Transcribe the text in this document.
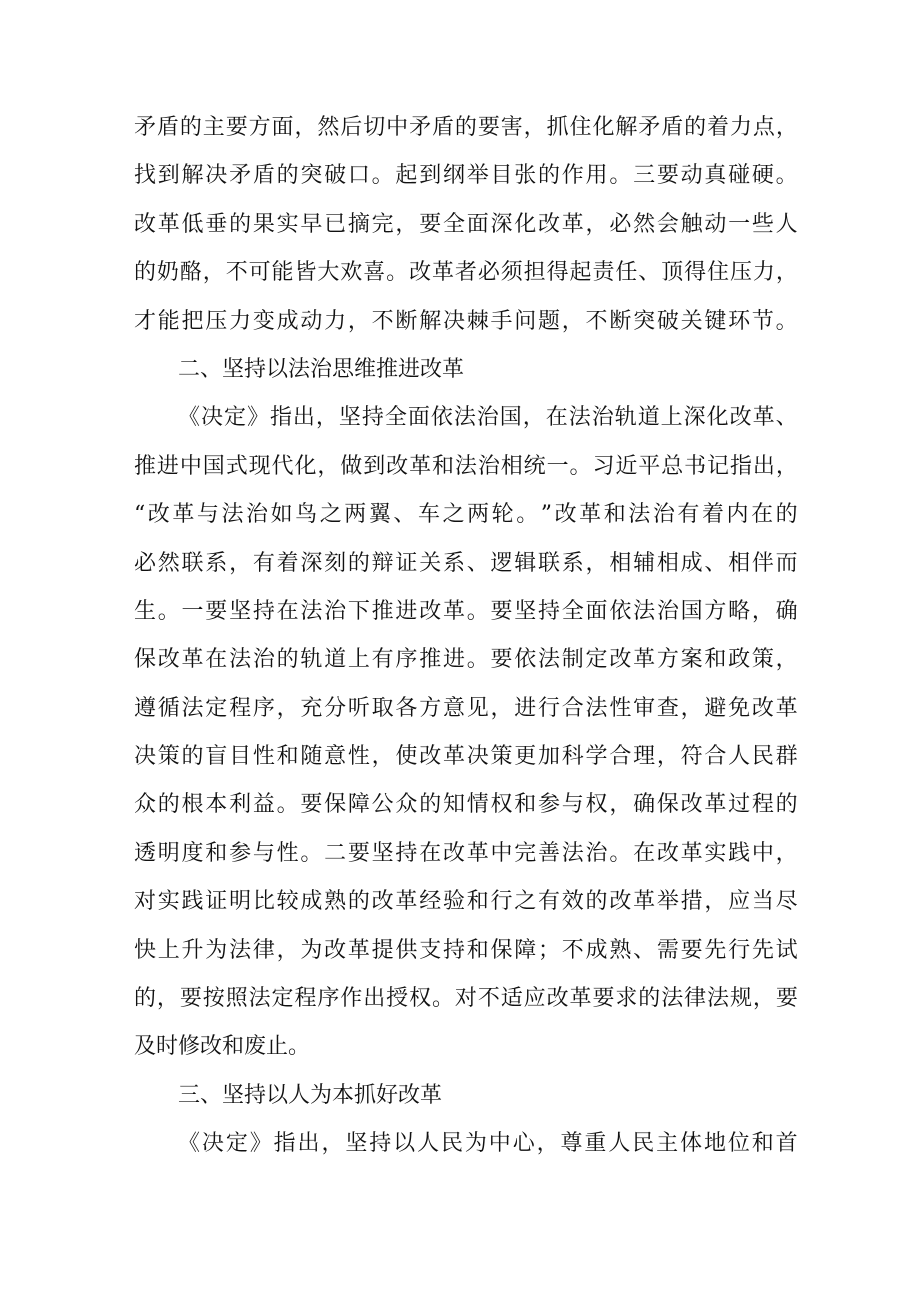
矛 盾 的 主 要 方 面 ， 然 后 切 中 矛 盾 的 要 害 ， 抓 住 化 解 矛 盾 的 着 力 点 ，
找 到 解 决 矛 盾 的 突 破 口 。 起 到 纲 举 目 张 的 作 用 。 三 要 动 真 碰 硬 。
改 革 低 垂 的 果 实 早 已 摘 完 ， 要 全 面 深 化 改 革 ， 必 然 会 触 动 一 些 人
的 奶 酪 ， 不 可 能 皆 大 欢 喜 。 改 革 者 必 须 担 得 起 责 任 、 顶 得 住 压 力 ，
才 能 把 压 力 变 成 动 力 ， 不 断 解 决 棘 手 问 题 ， 不 断 突 破 关 键 环 节 。
二、坚持以法治思维推进改革
《 决 定 》 指 出 ， 坚 持 全 面 依 法 治 国 ， 在 法 治 轨 道 上 深 化 改 革 、
推 进 中 国 式 现 代 化 ， 做 到 改 革 和 法 治 相 统 一 。 习 近 平 总 书 记 指 出 ，
“ 改 革 与 法 治 如 鸟 之 两 翼 、 车 之 两 轮 。 ” 改 革 和 法 治 有 着 内 在 的
必 然 联 系 ， 有 着 深 刻 的 辩 证 关 系 、 逻 辑 联 系 ， 相 辅 相 成 、 相 伴 而
生 。 一 要 坚 持 在 法 治 下 推 进 改 革 。 要 坚 持 全 面 依 法 治 国 方 略 ， 确
保 改 革 在 法 治 的 轨 道 上 有 序 推 进 。 要 依 法 制 定 改 革 方 案 和 政 策 ，
遵 循 法 定 程 序 ， 充 分 听 取 各 方 意 见 ， 进 行 合 法 性 审 查 ， 避 免 改 革
决 策 的 盲 目 性 和 随 意 性 ， 使 改 革 决 策 更 加 科 学 合 理 ， 符 合 人 民 群
众 的 根 本 利 益 。 要 保 障 公 众 的 知 情 权 和 参 与 权 ， 确 保 改 革 过 程 的
透 明 度 和 参 与 性 。 二 要 坚 持 在 改 革 中 完 善 法 治 。 在 改 革 实 践 中 ，
对 实 践 证 明 比 较 成 熟 的 改 革 经 验 和 行 之 有 效 的 改 革 举 措 ， 应 当 尽
快 上 升 为 法 律 ， 为 改 革 提 供 支 持 和 保 障 ； 不 成 熟 、 需 要 先 行 先 试
的 ， 要 按 照 法 定 程 序 作 出 授 权 。 对 不 适 应 改 革 要 求 的 法 律 法 规 ， 要
及时修改和废止。
三、坚持以人为本抓好改革
《 决 定 》 指 出 ， 坚 持 以 人 民 为 中 心 ， 尊 重 人 民 主 体 地 位 和 首
